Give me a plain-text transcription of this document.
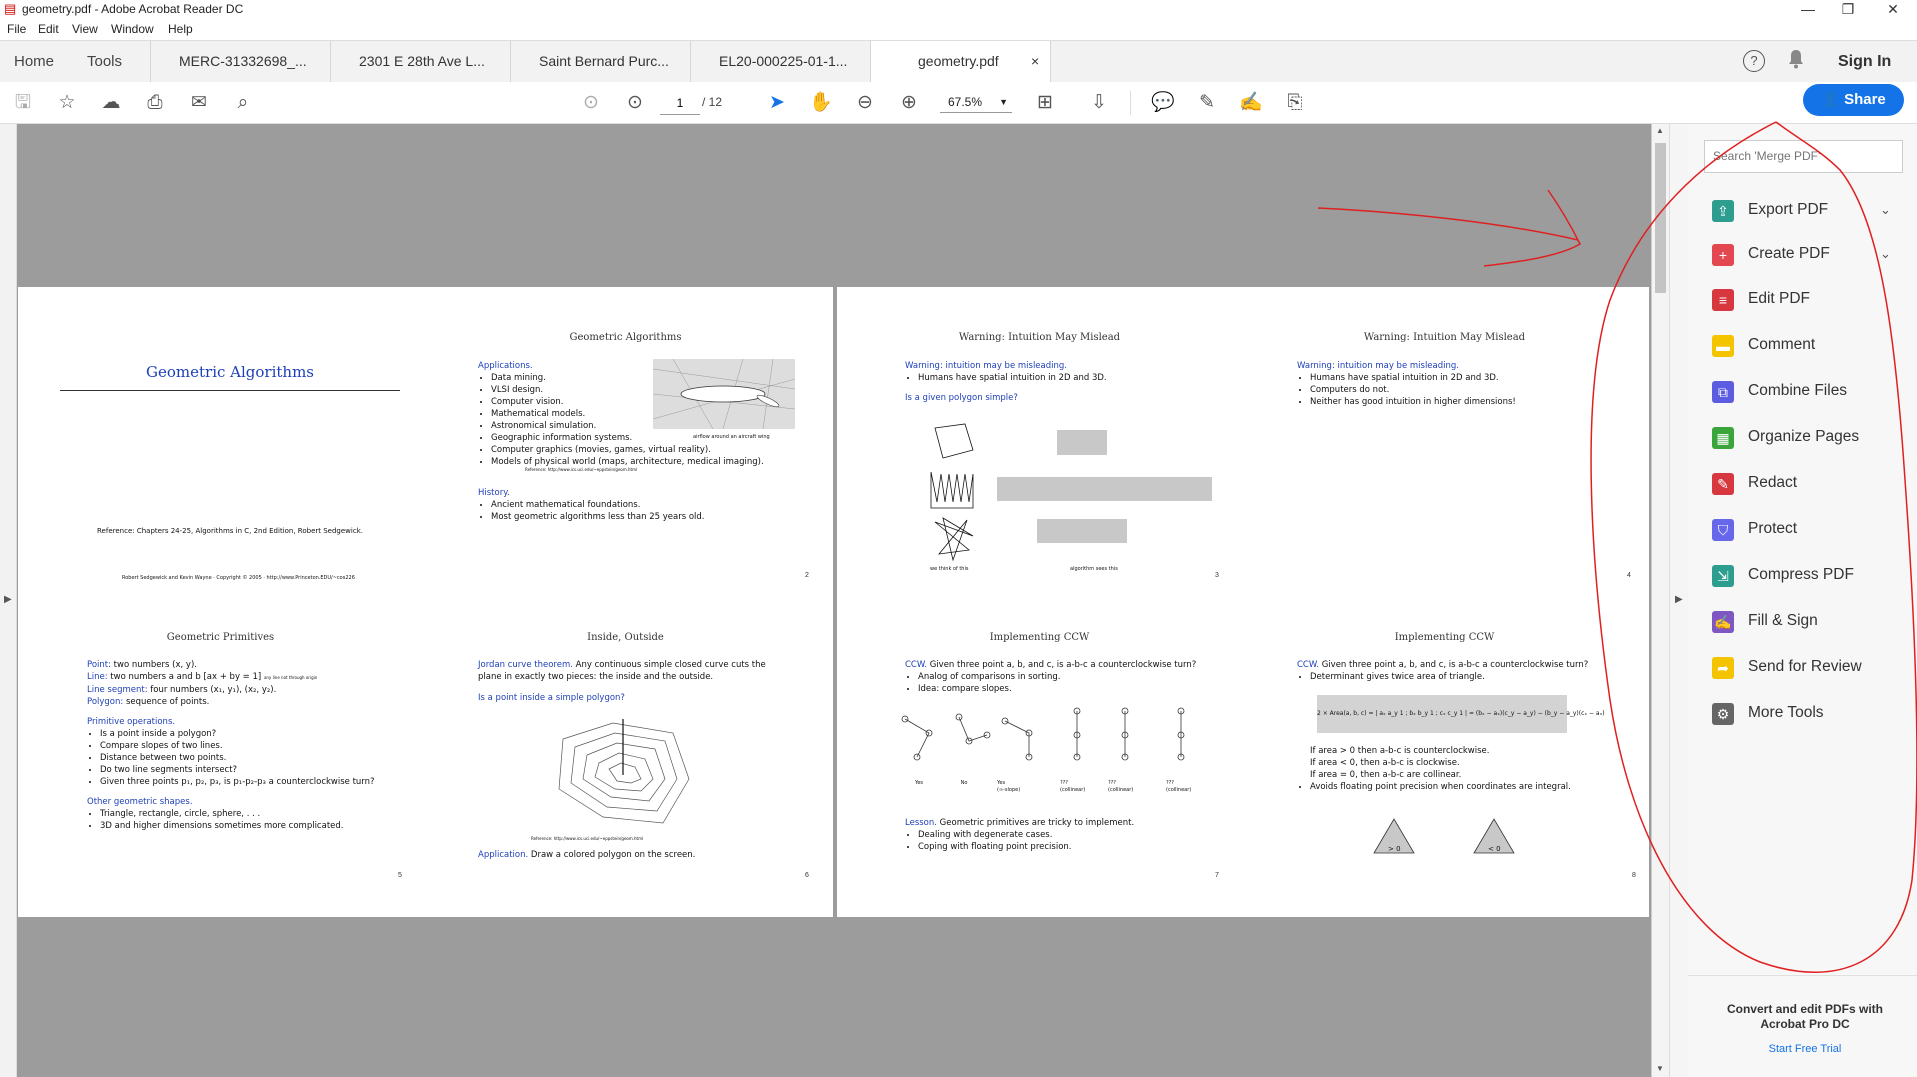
▤ geometry.pdf - Adobe Acrobat Reader DC	—	❐	✕
File Edit View Window Help
Home Tools	MERC-31332698_...	2301 E 28th Ave L...	Saint Bernard Purc...	EL20-000225-01-1...	geometry.pdf ×	?	Sign In
🖫 ☆ ☁ ⎙ ✉	⌕	⊙ ⊙
1	/ 12 ➤ ✋ ⊖ ⊕	67.5% ▼ ⊞ ⇩ 💬 ✎ ✍ ⎘	👤 Share
▶
Geometric Algorithms
Reference: Chapters 24-25, Algorithms in C, 2nd Edition, Robert Sedgewick.
Robert Sedgewick and Kevin Wayne · Copyright © 2005 · http://www.Princeton.EDU/~cos226
Geometric Algorithms
Applications.
• Data mining.
• VLSI design.
• Computer vision.
• Mathematical models.
• Astronomical simulation.
• Geographic information systems.
• Computer graphics (movies, games, virtual reality).
• Models of physical world (maps, architecture, medical imaging).
airflow around an aircraft wing
Reference: http://www.ics.uci.edu/~eppstein/geom.html
History.
• Ancient mathematical foundations.
• Most geometric algorithms less than 25 years old.
2
Geometric Primitives
Point: two numbers (x, y).
Line: two numbers a and b [ax + by = 1] any line not through origin
Line segment: four numbers (x₁, y₁), (x₂, y₂).
Polygon: sequence of points.
Primitive operations.
• Is a point inside a polygon?
• Compare slopes of two lines.
• Distance between two points.
• Do two line segments intersect?
• Given three points p₁, p₂, p₃, is p₁-p₂-p₃ a counterclockwise turn?
Other geometric shapes.
• Triangle, rectangle, circle, sphere, . . .
• 3D and higher dimensions sometimes more complicated.
5
Inside, Outside
Jordan curve theorem. Any continuous simple closed curve cuts the plane in exactly two pieces: the inside and the outside.
Is a point inside a simple polygon?
Reference: http://www.ics.uci.edu/~eppstein/geom.html
Application. Draw a colored polygon on the screen.
6
Warning: Intuition May Mislead
Warning: intuition may be misleading.
• Humans have spatial intuition in 2D and 3D.
Is a given polygon simple?
we think of this	algorithm sees this
3
Warning: Intuition May Mislead
Warning: intuition may be misleading.
• Humans have spatial intuition in 2D and 3D.
• Computers do not.
• Neither has good intuition in higher dimensions!
4
Implementing CCW
CCW. Given three point a, b, and c, is a-b-c a counterclockwise turn?
• Analog of comparisons in sorting.
• Idea: compare slopes.
Yes	No	Yes
(∞-slope)
???
(collinear)
???
(collinear)
???
(collinear)
Lesson. Geometric primitives are tricky to implement.
• Dealing with degenerate cases.
• Coping with floating point precision.
7
Implementing CCW
CCW. Given three point a, b, and c, is a-b-c a counterclockwise turn?
• Determinant gives twice area of triangle.
2 × Area(a, b, c) = | aₓ a_y 1 ; bₓ b_y 1 ; cₓ c_y 1 | = (bₓ − aₓ)(c_y − a_y) − (b_y − a_y)(cₓ − aₓ)
If area > 0 then a-b-c is counterclockwise.
If area < 0, then a-b-c is clockwise.
If area = 0, then a-b-c are collinear.
• Avoids floating point precision when coordinates are integral.
> 0	< 0
8
▲
▼
▶
Search 'Merge PDF'
⇪	Export PDF	⌄
+	Create PDF	⌄
≡	Edit PDF
▬ Comment
⧉	Combine Files
▦ Organize Pages
✎	Redact
⛉	Protect
⇲	Compress PDF
✍ Fill & Sign
➦	Send for Review
⚙	More Tools
Convert and edit PDFs with Acrobat Pro DC
Start Free Trial
